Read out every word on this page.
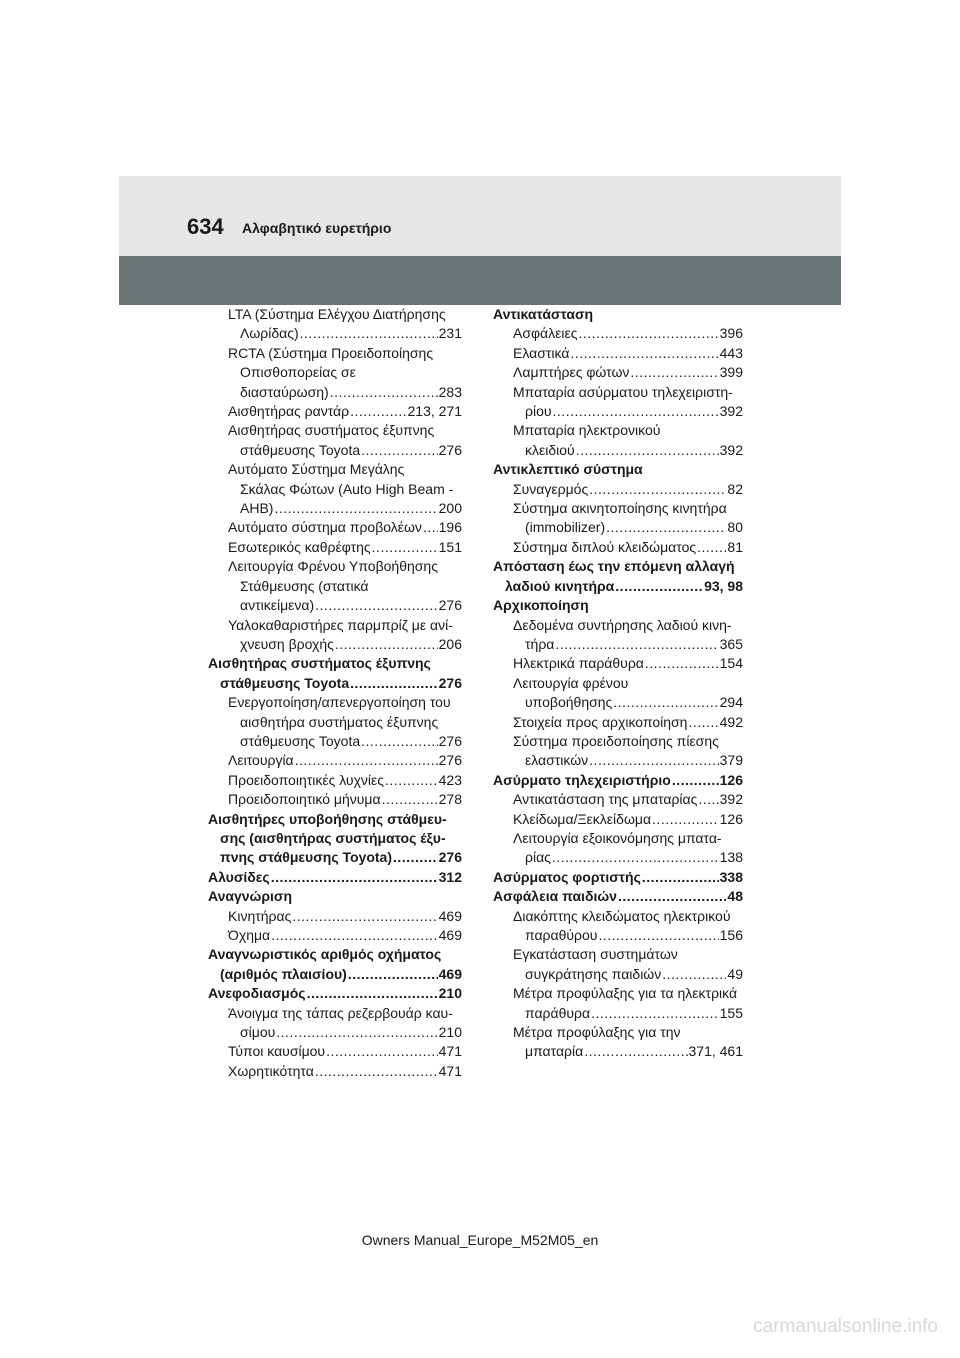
634 Αλφαβητικό ευρετήριο
LTA (Σύστημα Ελέγχου Διατήρησης
Λωρίδας) .....	231
RCTA (Σύστημα Προειδοποίησης
Οπισθοπορείας σε
διασταύρωση) .....	283
Αισθητήρας ραντάρ .....	213, 271
Αισθητήρας συστήματος έξυπνης
στάθμευσης Toyota .....	276
Αυτόματο Σύστημα Μεγάλης
Σκάλας Φώτων (Auto High Beam -
AHB) .....	200
Αυτόματο σύστημα προβολέων ..... 196
Εσωτερικός καθρέφτης .....	151
Λειτουργία Φρένου Υποβοήθησης
Στάθμευσης (στατικά
αντικείμενα) .....	276
Υαλοκαθαριστήρες παρμπρίζ με ανί-
χνευση βροχής .....	206
Αισθητήρας συστήματος έξυπνης
στάθμευσης Toyota .....	276
Ενεργοποίηση/απενεργοποίηση του
αισθητήρα συστήματος έξυπνης
στάθμευσης Toyota .....	276
Λειτουργία .....	276
Προειδοποιητικές λυχνίες .....	423
Προειδοποιητικό μήνυμα .....	278
Αισθητήρες υποβοήθησης στάθμευ-
σης (αισθητήρας συστήματος έξυ-
πνης στάθμευσης Toyota) .....	276
Αλυσίδες .....	312
Αναγνώριση
Κινητήρας .....	469
Όχημα .....	469
Αναγνωριστικός αριθμός οχήματος
(αριθμός πλαισίου) .....	469
Ανεφοδιασμός .....	210
Άνοιγμα της τάπας ρεζερβουάρ καυ-
σίμου .....	210
Τύποι καυσίμου .....	471
Χωρητικότητα .....	471
Αντικατάσταση
Ασφάλειες .....	396
Ελαστικά .....	443
Λαμπτήρες φώτων .....	399
Μπαταρία ασύρματου τηλεχειριστη-
ρίου .....	392
Μπαταρία ηλεκτρονικού
κλειδιού .....	392
Αντικλεπτικό σύστημα
Συναγερμός .....	82
Σύστημα ακινητοποίησης κινητήρα
(immobilizer) .....	80
Σύστημα διπλού κλειδώματος ..... 81
Απόσταση έως την επόμενη αλλαγή
λαδιού κινητήρα .....	93, 98
Αρχικοποίηση
Δεδομένα συντήρησης λαδιού κινη-
τήρα .....	365
Ηλεκτρικά παράθυρα .....	154
Λειτουργία φρένου
υποβοήθησης .....	294
Στοιχεία προς αρχικοποίηση ..... 492
Σύστημα προειδοποίησης πίεσης
ελαστικών .....	379
Ασύρματο τηλεχειριστήριο .....	126
Αντικατάσταση της μπαταρίας ..... 392
Κλείδωμα/Ξεκλείδωμα .....	126
Λειτουργία εξοικονόμησης μπατα-
ρίας .....	138
Ασύρματος φορτιστής .....	338
Ασφάλεια παιδιών .....	48
Διακόπτης κλειδώματος ηλεκτρικού
παραθύρου .....	156
Εγκατάσταση συστημάτων
συγκράτησης παιδιών .....	49
Μέτρα προφύλαξης για τα ηλεκτρικά
παράθυρα .....	155
Μέτρα προφύλαξης για την
μπαταρία .....	371, 461
Owners Manual_Europe_M52M05_en
carmanualsonline.info
